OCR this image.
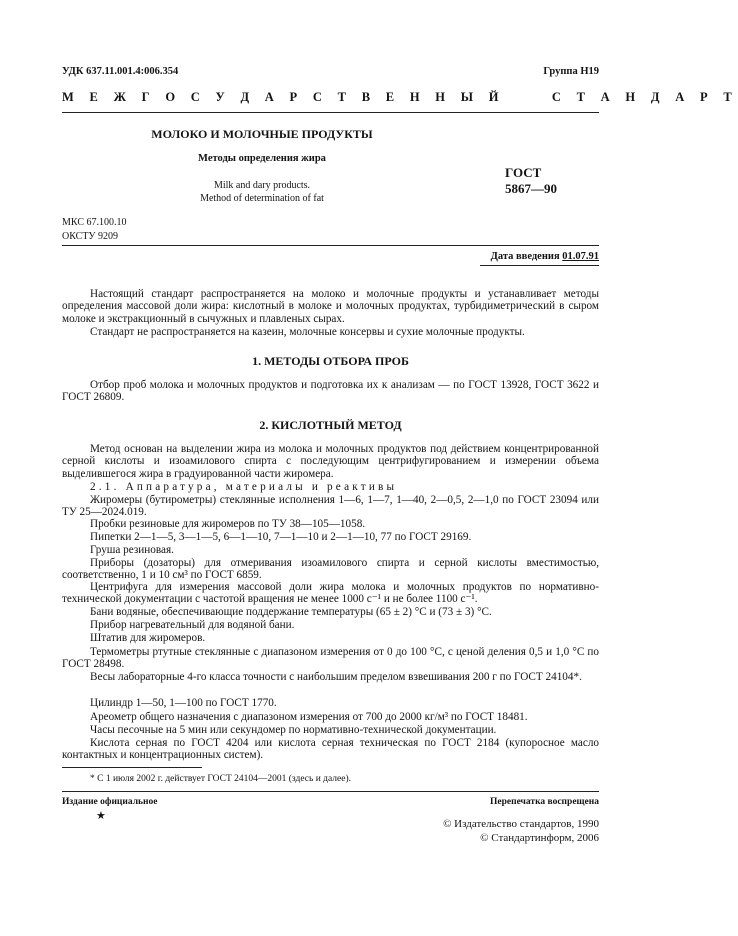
УДК 637.11.001.4:006.354	Группа Н19
М Е Ж Г О С У Д А Р С Т В Е Н Н Ы Й     С Т А Н Д А Р Т
МОЛОКО И МОЛОЧНЫЕ ПРОДУКТЫ
Методы определения жира
Milk and dary products.
Method of determination of fat
ГОСТ
5867—90
МКС 67.100.10
ОКСТУ 9209
Дата введения 01.07.91
Настоящий стандарт распространяется на молоко и молочные продукты и устанавливает методы определения массовой доли жира: кислотный в молоке и молочных продуктах, турбидиметрический в сыром молоке и экстракционный в сычужных и плавленых сырах.
Стандарт не распространяется на казеин, молочные консервы и сухие молочные продукты.
1. МЕТОДЫ ОТБОРА ПРОБ
Отбор проб молока и молочных продуктов и подготовка их к анализам — по ГОСТ 13928, ГОСТ 3622 и ГОСТ 26809.
2. КИСЛОТНЫЙ МЕТОД
Метод основан на выделении жира из молока и молочных продуктов под действием концентрированной серной кислоты и изоамилового спирта с последующим центрифугированием и измерении объема выделившегося жира в градуированной части жиромера.
2.1. Аппаратура, материалы и реактивы
Жиромеры (бутирометры) стеклянные исполнения 1—6, 1—7, 1—40, 2—0,5, 2—1,0 по ГОСТ 23094 или ТУ 25—2024.019.
Пробки резиновые для жиромеров по ТУ 38—105—1058.
Пипетки 2—1—5, 3—1—5, 6—1—10, 7—1—10 и 2—1—10, 77 по ГОСТ 29169.
Груша резиновая.
Приборы (дозаторы) для отмеривания изоамилового спирта и серной кислоты вместимостью, соответственно, 1 и 10 см³ по ГОСТ 6859.
Центрифуга для измерения массовой доли жира молока и молочных продуктов по нормативно-технической документации с частотой вращения не менее 1000 с⁻¹ и не более 1100 с⁻¹.
Бани водяные, обеспечивающие поддержание температуры (65 ± 2) °С и (73 ± 3) °С.
Прибор нагревательный для водяной бани.
Штатив для жиромеров.
Термометры ртутные стеклянные с диапазоном измерения от 0 до 100 °С, с ценой деления 0,5 и 1,0 °С по ГОСТ 28498.
Весы лабораторные 4-го класса точности с наибольшим пределом взвешивания 200 г по ГОСТ 24104*.
Цилиндр 1—50, 1—100 по ГОСТ 1770.
Ареометр общего назначения с диапазоном измерения от 700 до 2000 кг/м³ по ГОСТ 18481.
Часы песочные на 5 мин или секундомер по нормативно-технической документации.
Кислота серная по ГОСТ 4204 или кислота серная техническая по ГОСТ 2184 (купоросное масло контактных и концентрационных систем).
* С 1 июля 2002 г. действует ГОСТ 24104—2001 (здесь и далее).
Издание официальное
★
Перепечатка воспрещена
© Издательство стандартов, 1990
© Стандартинформ, 2006
